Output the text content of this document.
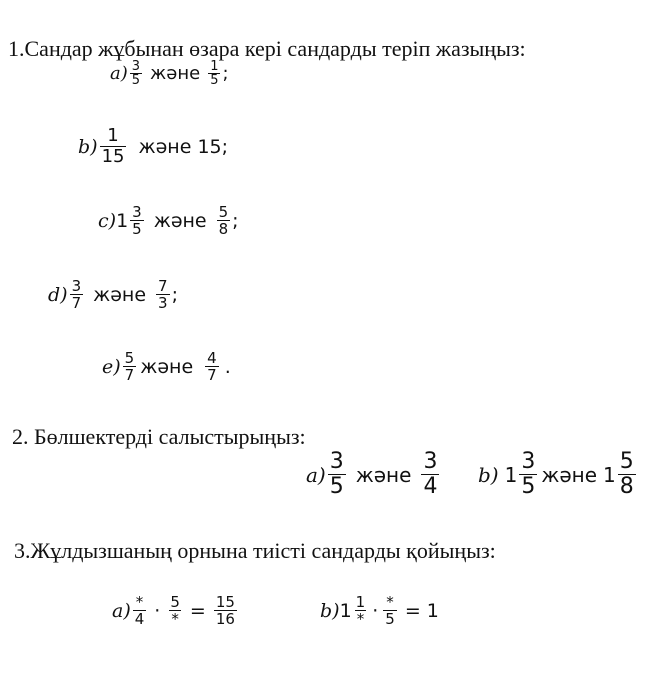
1.Сандар жұбынан өзара кері сандарды теріп жазыңыз:
$a) \frac{3}{5}$ және $\frac{1}{5}$ ;
$b) \frac{1}{15}$ және 15;
c) $1 \frac{3}{5}$ және $\frac{5}{8}$ ;
$d) \frac{3}{7}$ және $\frac{7}{3}$ ;
$e) \frac{5}{7}$ және $\frac{4}{7}$ .
2. Бөлшектерді салыстырыңыз:
$a) \frac{3}{5}$ және $\frac{3}{4} b$) $1 \frac{3}{5}$ және $1 \frac{5}{8}$
3.Жұлдызшаның орнына тиісті сандарды қойыңыз:
$a) \frac{*}{4} \cdot \frac{5}{*} = \frac{15}{16}$	b) $1 \frac{1}{*} \cdot \frac{*}{5} = 1$
